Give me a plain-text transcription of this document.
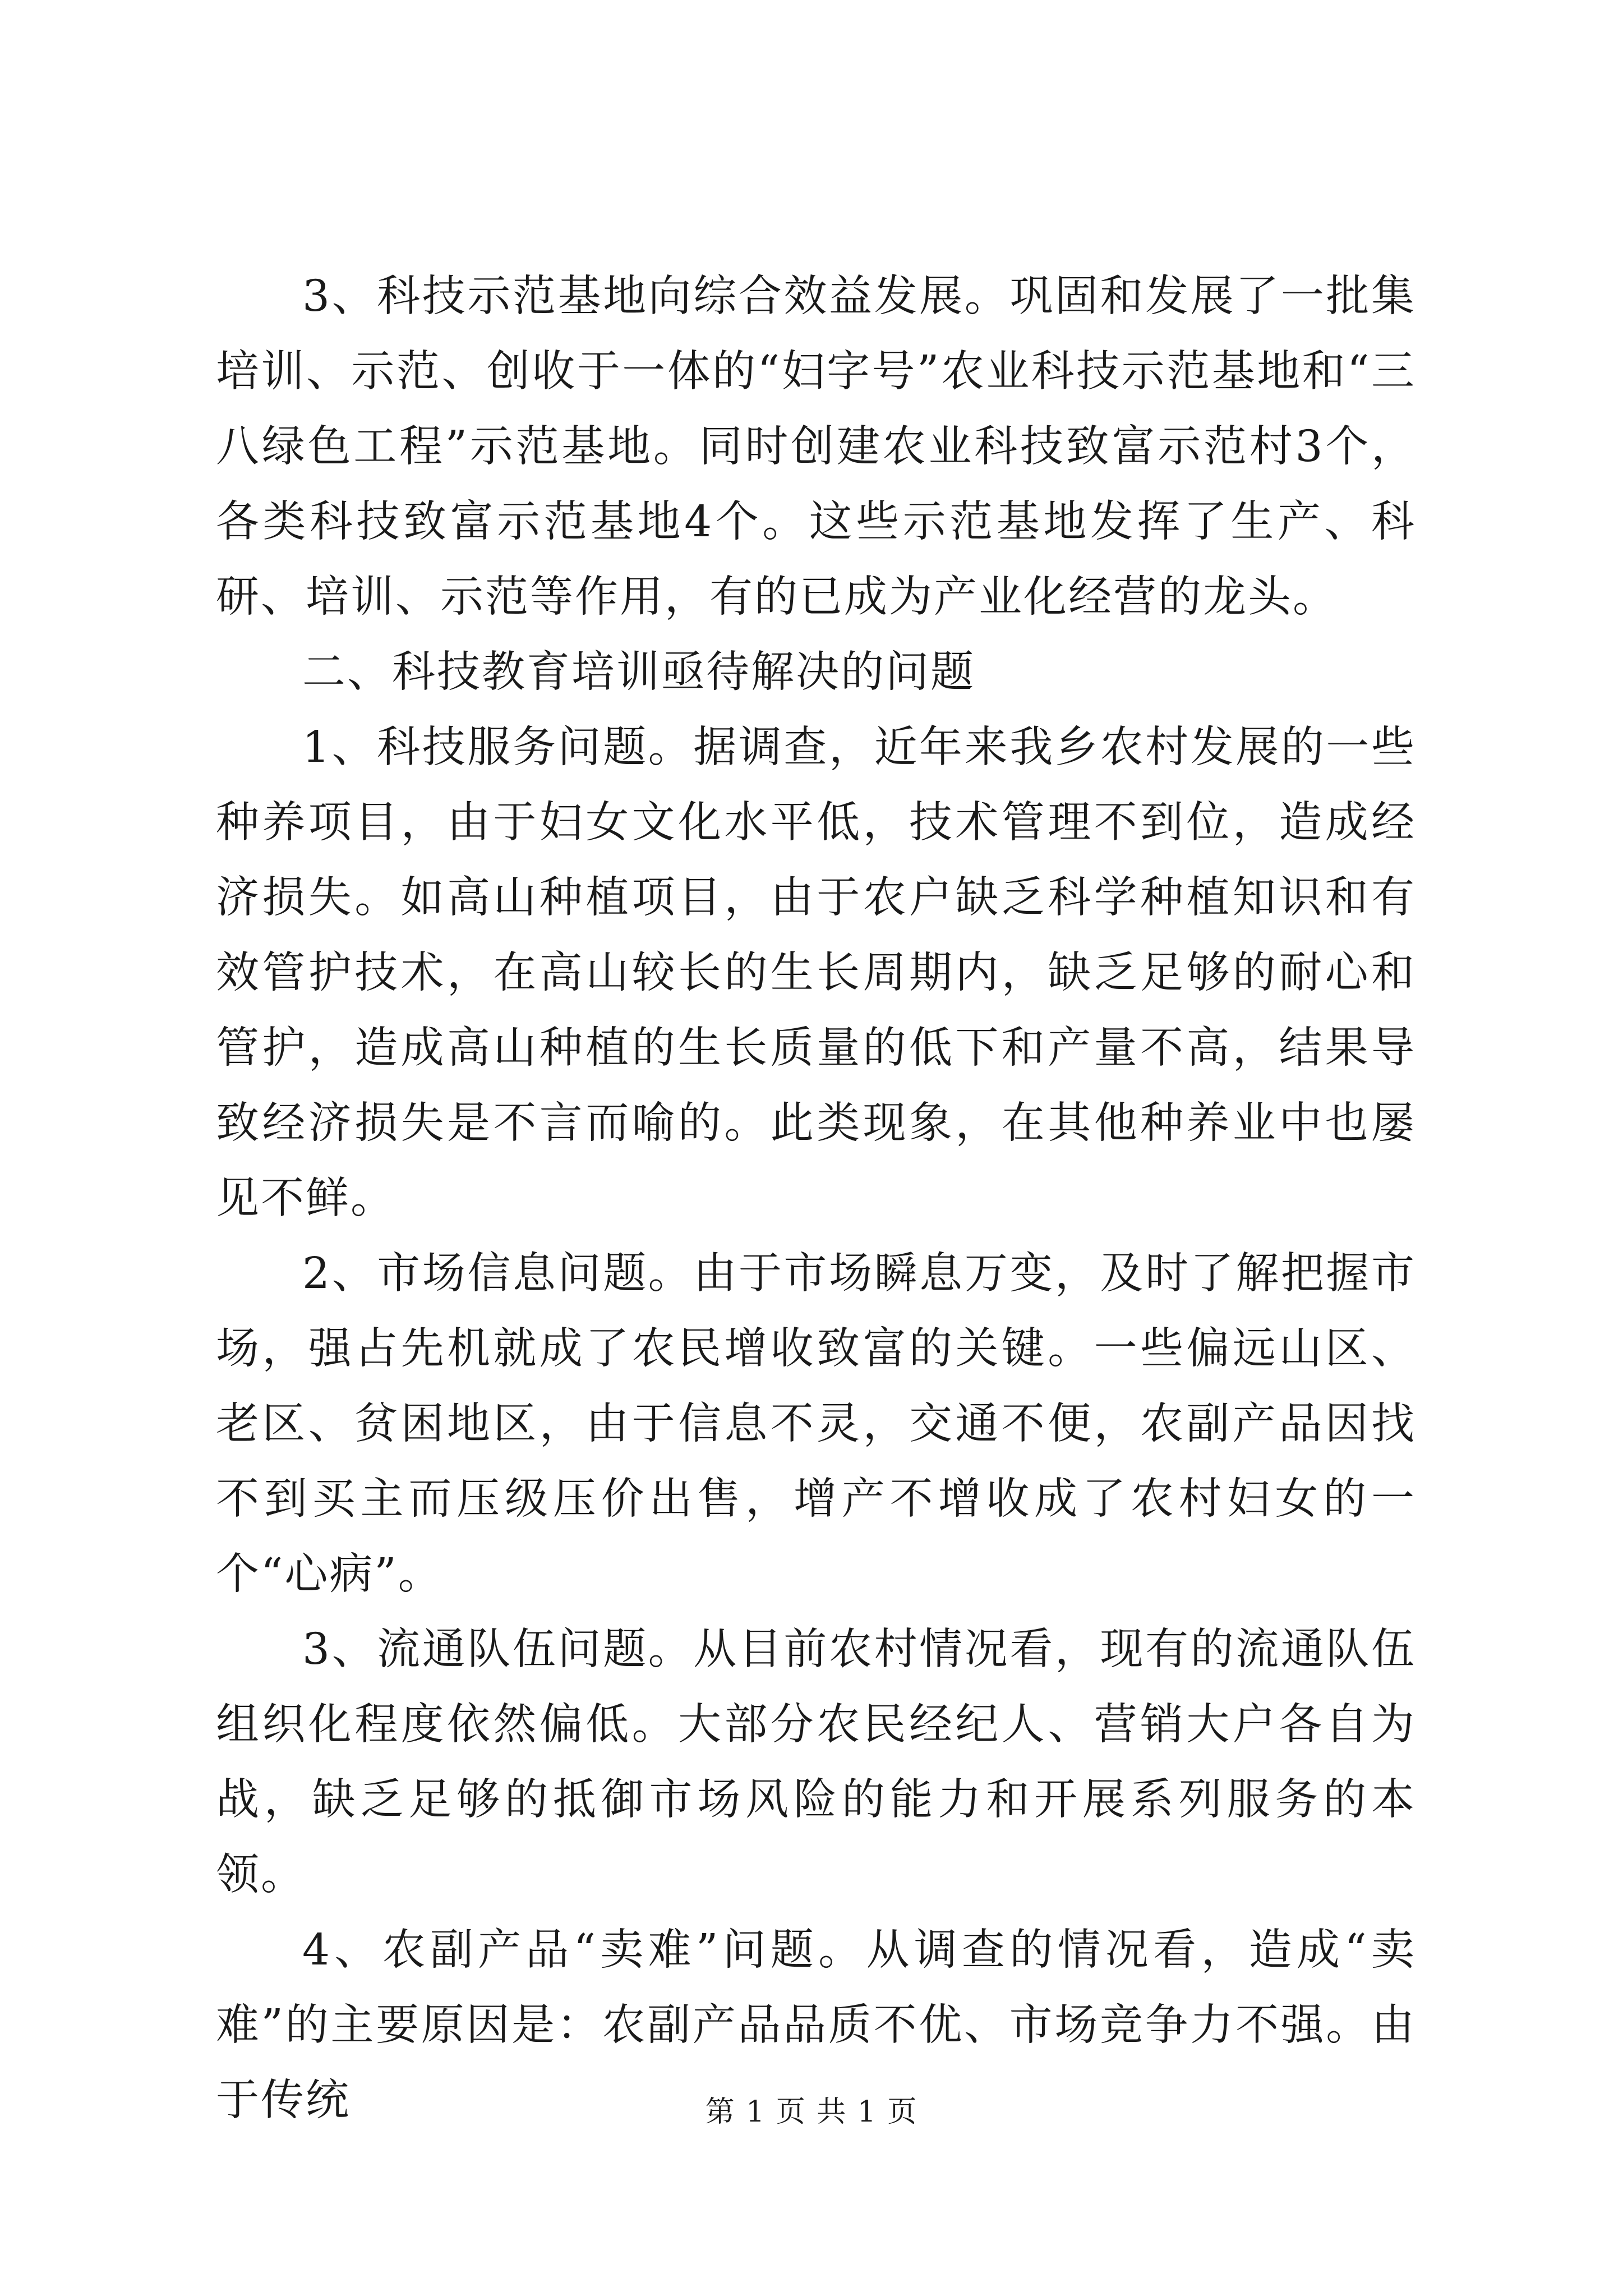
3、科技示范基地向综合效益发展。巩固和发展了一批集培训、示范、创收于一体的“妇字号”农业科技示范基地和“三八绿色工程”示范基地。同时创建农业科技致富示范村3个，各类科技致富示范基地4个。这些示范基地发挥了生产、科研、培训、示范等作用，有的已成为产业化经营的龙头。

二、科技教育培训亟待解决的问题

1、科技服务问题。据调查，近年来我乡农村发展的一些种养项目，由于妇女文化水平低，技术管理不到位，造成经济损失。如高山种植项目，由于农户缺乏科学种植知识和有效管护技术，在高山较长的生长周期内，缺乏足够的耐心和管护，造成高山种植的生长质量的低下和产量不高，结果导致经济损失是不言而喻的。此类现象，在其他种养业中也屡见不鲜。

2、市场信息问题。由于市场瞬息万变，及时了解把握市场，强占先机就成了农民增收致富的关键。一些偏远山区、老区、贫困地区，由于信息不灵，交通不便，农副产品因找不到买主而压级压价出售，增产不增收成了农村妇女的一个“心病”。

3、流通队伍问题。从目前农村情况看，现有的流通队伍组织化程度依然偏低。大部分农民经纪人、营销大户各自为战，缺乏足够的抵御市场风险的能力和开展系列服务的本领。

4、农副产品“卖难”问题。从调查的情况看，造成“卖难”的主要原因是：农副产品品质不优、市场竞争力不强。由于传统	第 1 页 共 1 页
